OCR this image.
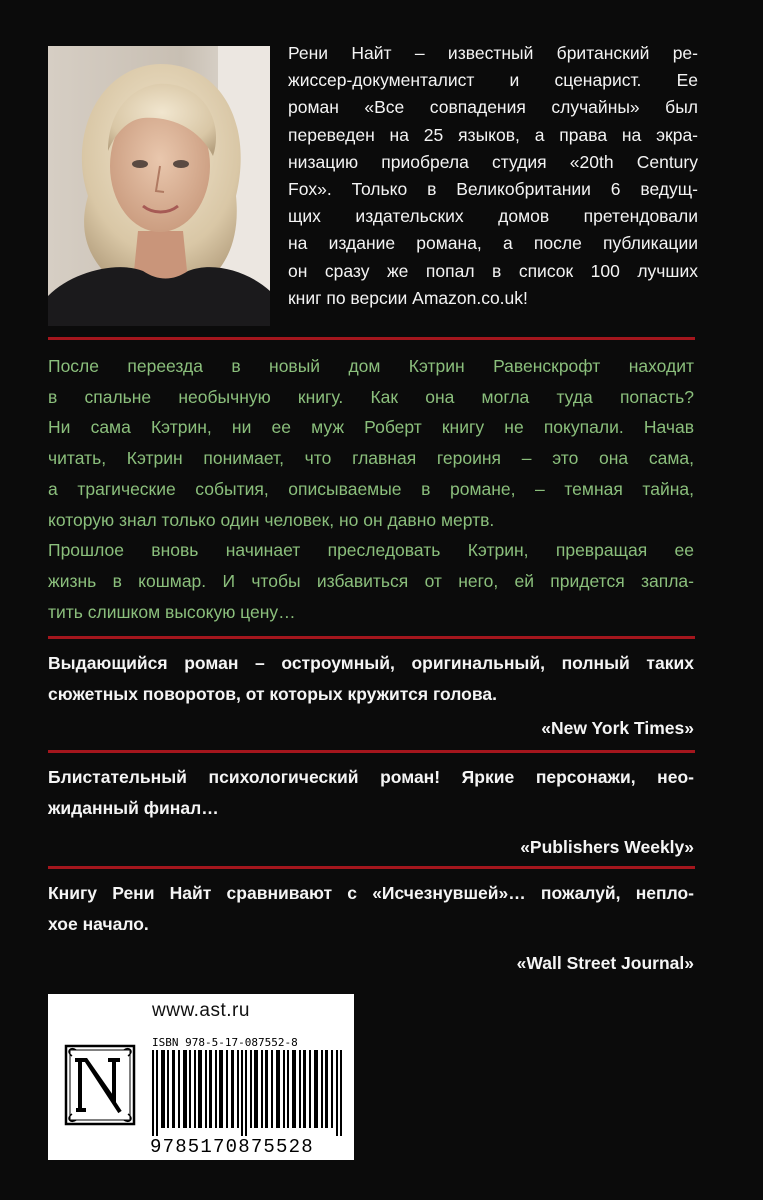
Рени Найт – известный британский ре-
жиссер-документалист и сценарист. Ее
роман «Все совпадения случайны» был
переведен на 25 языков, а права на экра-
низацию приобрела студия «20th Century
Fox». Только в Великобритании 6 ведущ-
щих издательских домов претендовали
на издание романа, а после публикации
он сразу же попал в список 100 лучших
книг по версии Amazon.co.uk!
После переезда в новый дом Кэтрин Равенскрофт находит
в спальне необычную книгу. Как она могла туда попасть?
Ни сама Кэтрин, ни ее муж Роберт книгу не покупали. Начав
читать, Кэтрин понимает, что главная героиня – это она сама,
а трагические события, описываемые в романе, – темная тайна,
которую знал только один человек, но он давно мертв.
Прошлое вновь начинает преследовать Кэтрин, превращая ее
жизнь в кошмар. И чтобы избавиться от него, ей придется запла-
тить слишком высокую цену…
Выдающийся роман – остроумный, оригинальный, полный таких
сюжетных поворотов, от которых кружится голова.
«New York Times»
Блистательный психологический роман! Яркие персонажи, нео-
жиданный финал…
«Publishers Weekly»
Книгу Рени Найт сравнивают с «Исчезнувшей»… пожалуй, непло-
хое начало.
«Wall Street Journal»
www.ast.ru
ISBN 978-5-17-087552-8
9785170875528
